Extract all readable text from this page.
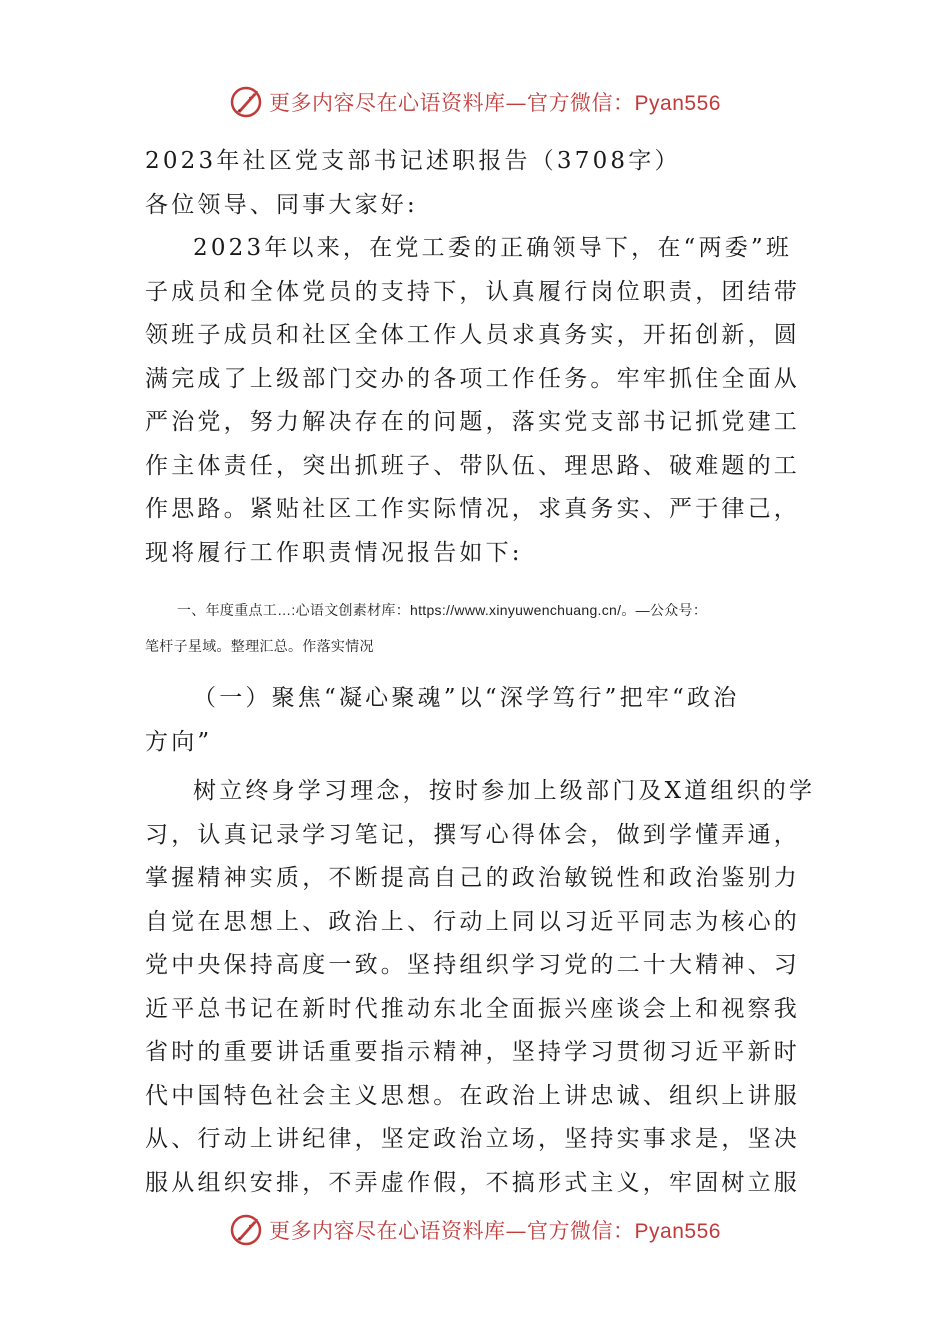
更多内容尽在心语资料库—官方微信：Pyan556

2023年社区党支部书记述职报告（3708字）

各位领导、同事大家好:

2023年以来，在党工委的正确领导下，在“两委”班

子成员和全体党员的支持下，认真履行岗位职责，团结带

领班子成员和社区全体工作人员求真务实，开拓创新，圆

满完成了上级部门交办的各项工作任务。牢牢抓住全面从

严治党，努力解决存在的问题，落实党支部书记抓党建工

作主体责任，突出抓班子、带队伍、理思路、破难题的工

作思路。紧贴社区工作实际情况，求真务实、严于律己，

现将履行工作职责情况报告如下:

一、年度重点工…:心语文创素材库：https://www.xinyuwenchuang.cn/。—公众号：

笔杆子星域。整理汇总。作落实情况

（一）聚焦“凝心聚魂”以“深学笃行”把牢“政治

方向”

树立终身学习理念，按时参加上级部门及X道组织的学

习，认真记录学习笔记，撰写心得体会，做到学懂弄通，

掌握精神实质，不断提高自己的政治敏锐性和政治鉴别力

自觉在思想上、政治上、行动上同以习近平同志为核心的

党中央保持高度一致。坚持组织学习党的二十大精神、习

近平总书记在新时代推动东北全面振兴座谈会上和视察我

省时的重要讲话重要指示精神，坚持学习贯彻习近平新时

代中国特色社会主义思想。在政治上讲忠诚、组织上讲服

从、行动上讲纪律，坚定政治立场，坚持实事求是，坚决

服从组织安排，不弄虚作假，不搞形式主义，牢固树立服

更多内容尽在心语资料库—官方微信：Pyan556
